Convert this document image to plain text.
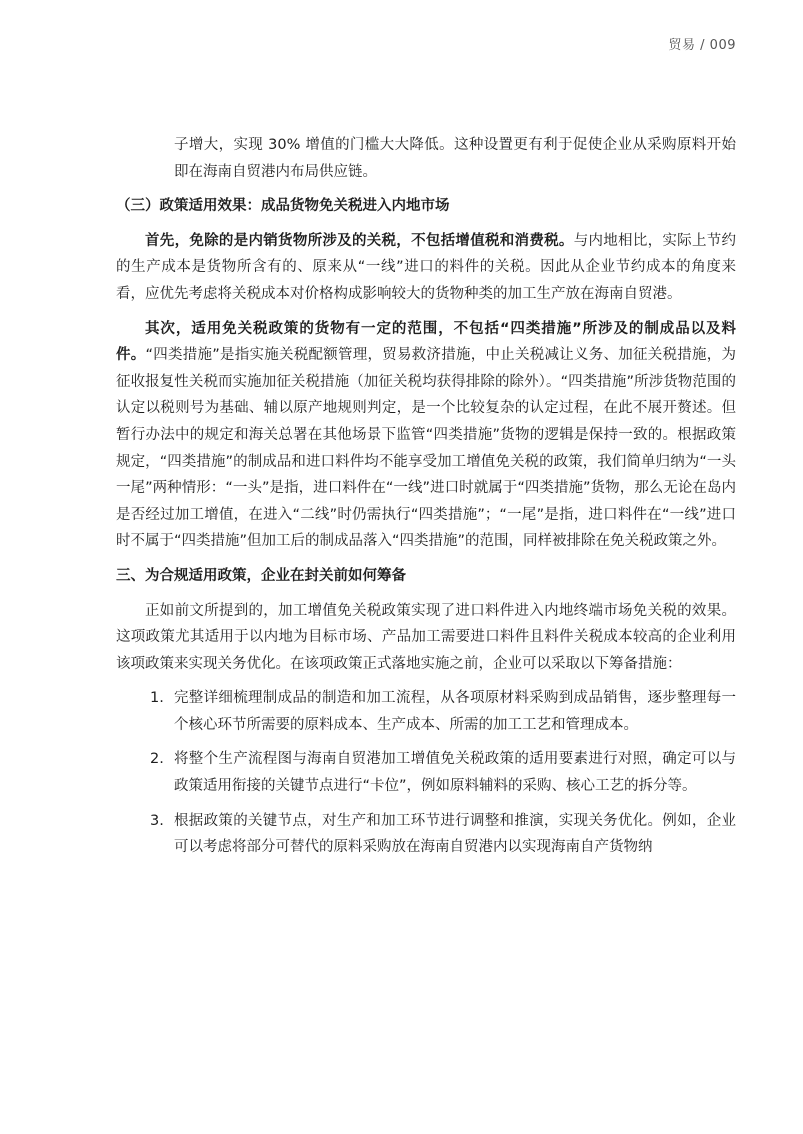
贸易 / 009

子增大，实现 30% 增值的门槛大大降低。这种设置更有利于促使企业从采购原料开始即在海南自贸港内布局供应链。

（三）政策适用效果：成品货物免关税进入内地市场

首先，免除的是内销货物所涉及的关税，不包括增值税和消费税。与内地相比，实际上节约的生产成本是货物所含有的、原来从“一线”进口的料件的关税。因此从企业节约成本的角度来看，应优先考虑将关税成本对价格构成影响较大的货物种类的加工生产放在海南自贸港。

其次，适用免关税政策的货物有一定的范围，不包括“四类措施”所涉及的制成品以及料件。“四类措施”是指实施关税配额管理，贸易救济措施，中止关税减让义务、加征关税措施，为征收报复性关税而实施加征关税措施（加征关税均获得排除的除外）。“四类措施”所涉货物范围的认定以税则号为基础、辅以原产地规则判定，是一个比较复杂的认定过程，在此不展开赘述。但暂行办法中的规定和海关总署在其他场景下监管“四类措施”货物的逻辑是保持一致的。根据政策规定，“四类措施”的制成品和进口料件均不能享受加工增值免关税的政策，我们简单归纳为“一头一尾”两种情形：“一头”是指，进口料件在“一线”进口时就属于“四类措施”货物，那么无论在岛内是否经过加工增值，在进入“二线”时仍需执行“四类措施”；“一尾”是指，进口料件在“一线”进口时不属于“四类措施”但加工后的制成品落入“四类措施”的范围，同样被排除在免关税政策之外。

三、为合规适用政策，企业在封关前如何筹备

正如前文所提到的，加工增值免关税政策实现了进口料件进入内地终端市场免关税的效果。这项政策尤其适用于以内地为目标市场、产品加工需要进口料件且料件关税成本较高的企业利用该项政策来实现关务优化。在该项政策正式落地实施之前，企业可以采取以下筹备措施：

1. 完整详细梳理制成品的制造和加工流程，从各项原材料采购到成品销售，逐步整理每一个核心环节所需要的原料成本、生产成本、所需的加工工艺和管理成本。
2. 将整个生产流程图与海南自贸港加工增值免关税政策的适用要素进行对照，确定可以与政策适用衔接的关键节点进行“卡位”，例如原料辅料的采购、核心工艺的拆分等。
3. 根据政策的关键节点，对生产和加工环节进行调整和推演，实现关务优化。例如，企业可以考虑将部分可替代的原料采购放在海南自贸港内以实现海南自产货物纳
